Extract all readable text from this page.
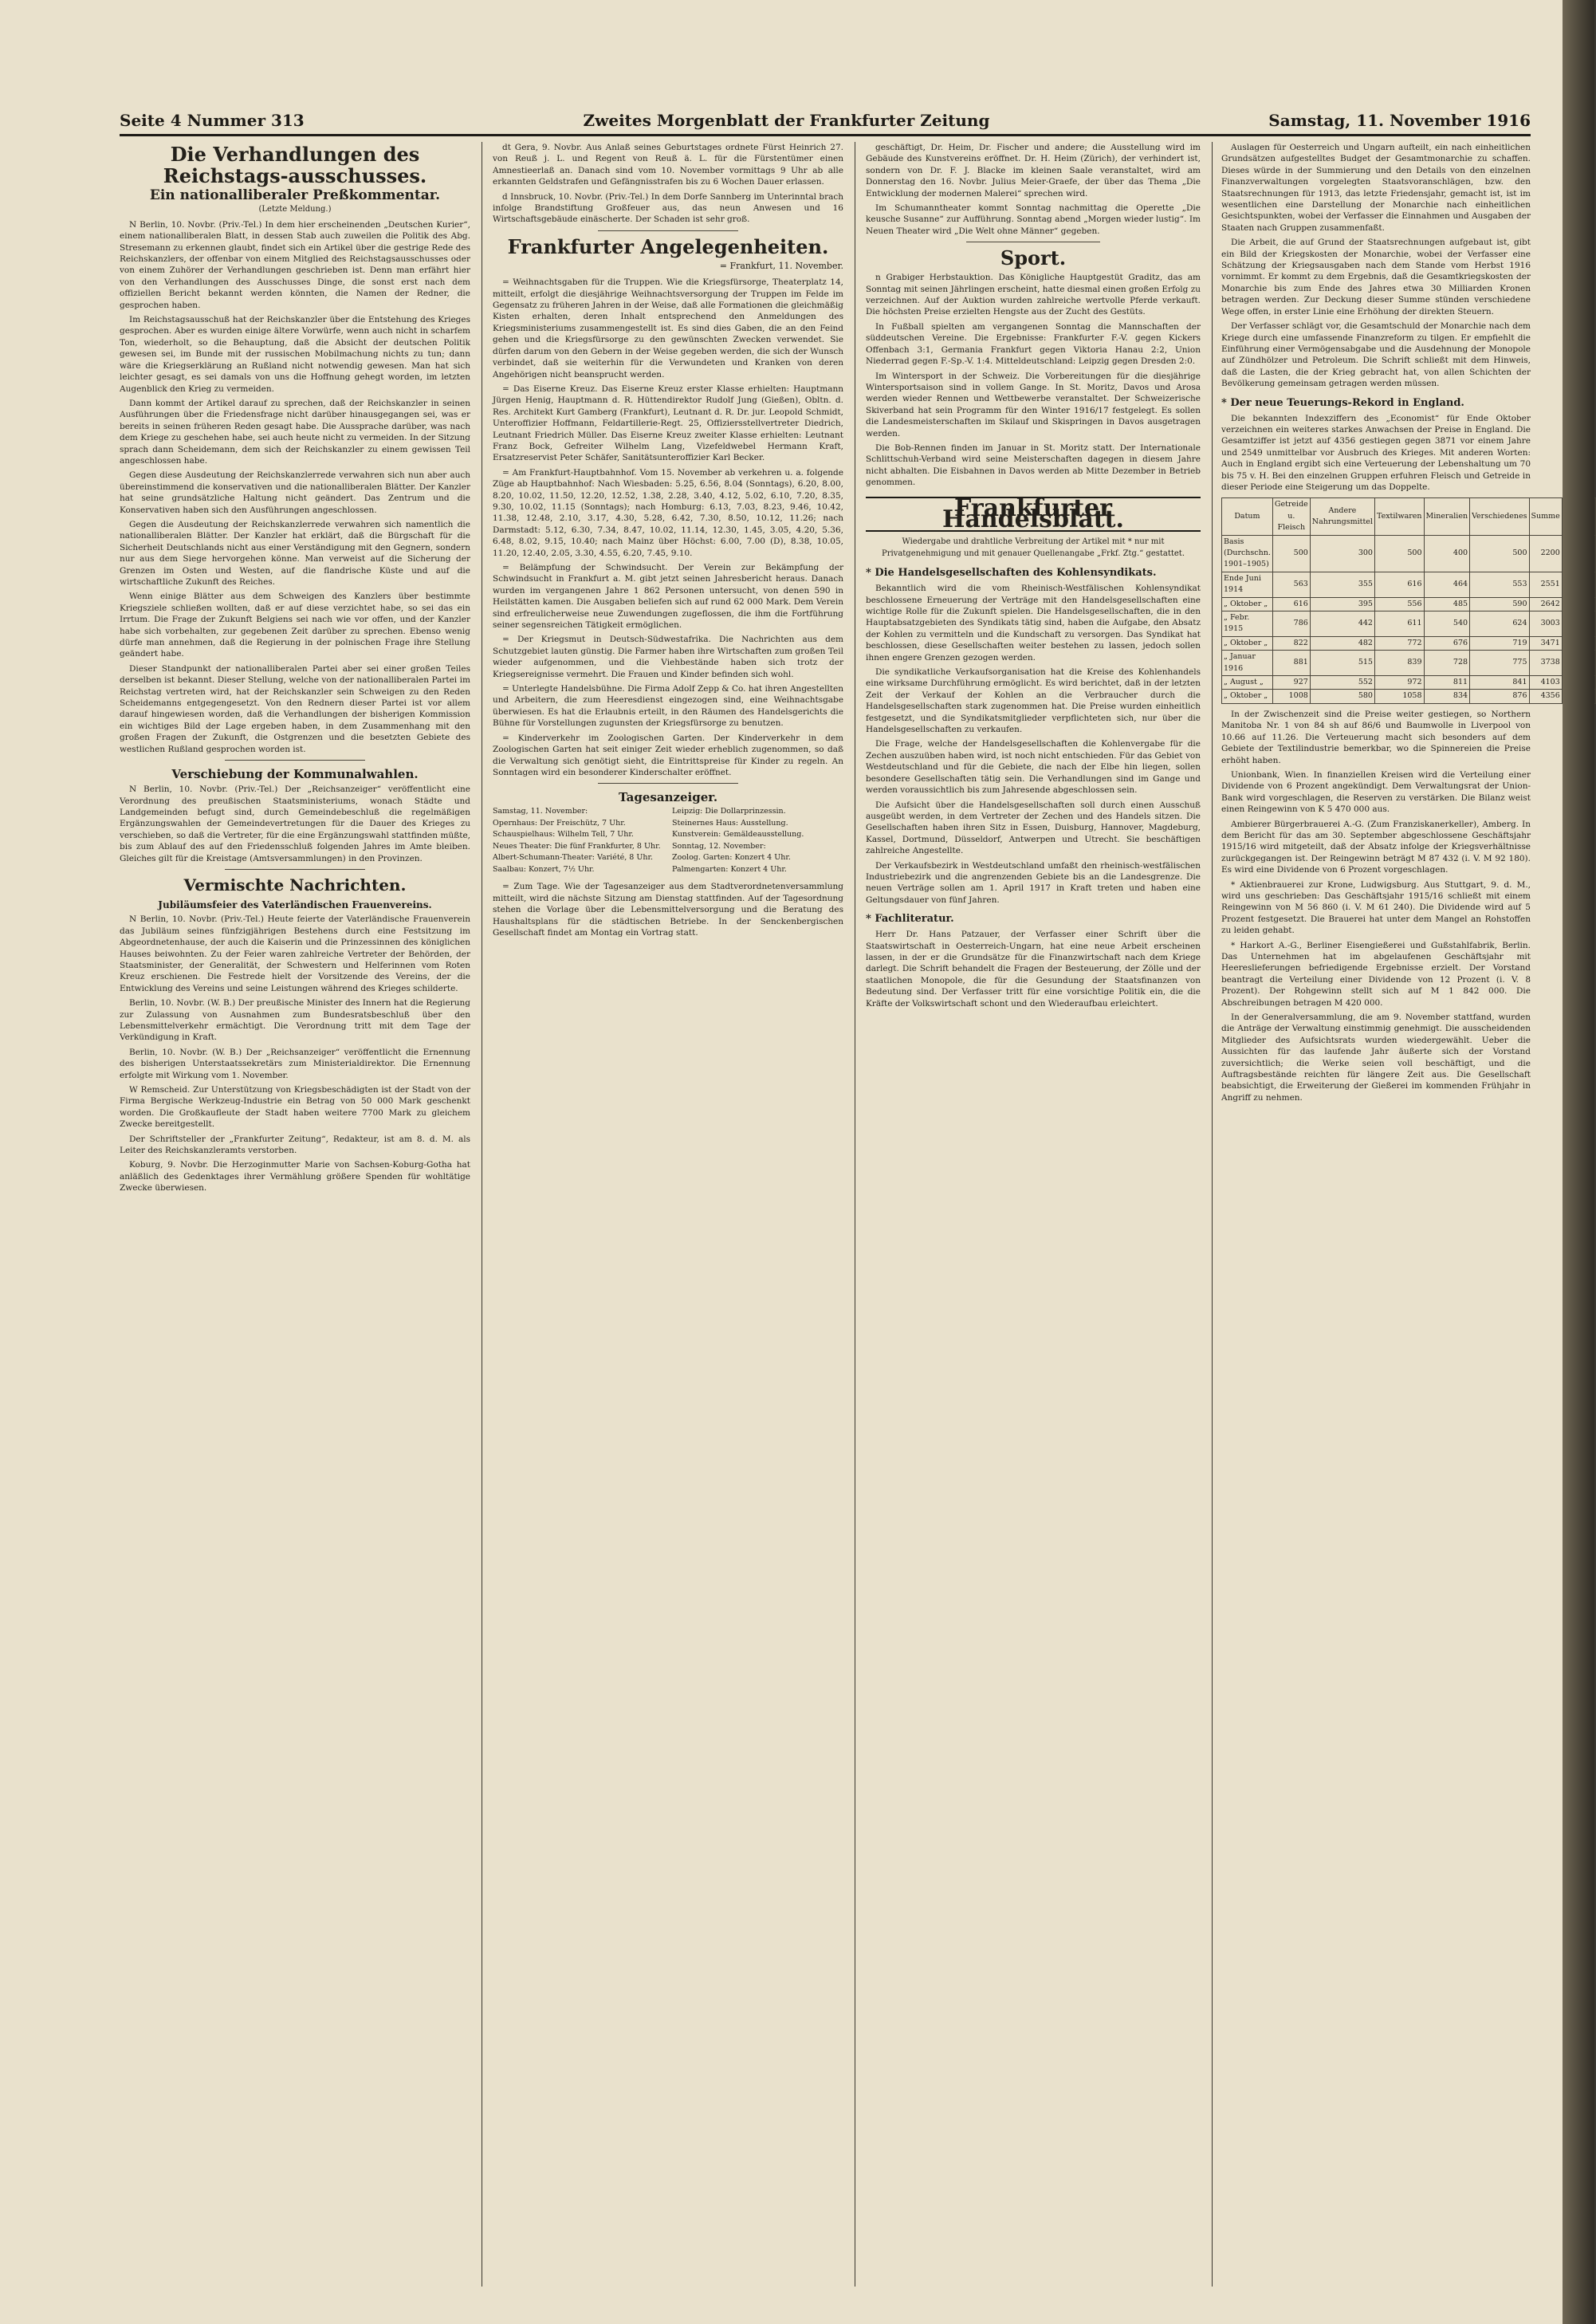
Seite 4 Nummer 313	Zweites Morgenblatt der Frankfurter Zeitung	Samstag, 11. November 1916
Die Verhandlungen des Reichstags-ausschusses.
Ein nationalliberaler Preßkommentar.
(Letzte Meldung.)

N Berlin, 10. Novbr. (Priv.-Tel.) In dem hier erscheinenden „Deutschen Kurier“, einem nationalliberalen Blatt, in dessen Stab auch zuweilen die Politik des Abg. Stresemann zu erkennen glaubt, findet sich ein Artikel über die gestrige Rede des Reichskanzlers, der offenbar von einem Mitglied des Reichstagsausschusses oder von einem Zuhörer der Verhandlungen geschrieben ist. Denn man erfährt hier von den Verhandlungen des Ausschusses Dinge, die sonst erst nach dem offiziellen Bericht bekannt werden könnten, die Namen der Redner, die gesprochen haben.

Im Reichstagsausschuß hat der Reichskanzler über die Entstehung des Krieges gesprochen. Aber es wurden einige ältere Vorwürfe, wenn auch nicht in scharfem Ton, wiederholt, so die Behauptung, daß die Absicht der deutschen Politik gewesen sei, im Bunde mit der russischen Mobilmachung nichts zu tun; dann wäre die Kriegserklärung an Rußland nicht notwendig gewesen. Man hat sich leichter gesagt, es sei damals von uns die Hoffnung gehegt worden, im letzten Augenblick den Krieg zu vermeiden.

Dann kommt der Artikel darauf zu sprechen, daß der Reichskanzler in seinen Ausführungen über die Friedensfrage nicht darüber hinausgegangen sei, was er bereits in seinen früheren Reden gesagt habe. Die Aussprache darüber, was nach dem Kriege zu geschehen habe, sei auch heute nicht zu vermeiden. In der Sitzung sprach dann Scheidemann, dem sich der Reichskanzler zu einem gewissen Teil angeschlossen habe.

Gegen diese Ausdeutung der Reichskanzlerrede verwahren sich nun aber auch übereinstimmend die konservativen und die nationalliberalen Blätter. Der Kanzler hat seine grundsätzliche Haltung nicht geändert. Das Zentrum und die Konservativen haben sich den Ausführungen angeschlossen.

Gegen die Ausdeutung der Reichskanzlerrede verwahren sich namentlich die nationalliberalen Blätter. Der Kanzler hat erklärt, daß die Bürgschaft für die Sicherheit Deutschlands nicht aus einer Verständigung mit den Gegnern, sondern nur aus dem Siege hervorgehen könne. Man verweist auf die Sicherung der Grenzen im Osten und Westen, auf die flandrische Küste und auf die wirtschaftliche Zukunft des Reiches.

Wenn einige Blätter aus dem Schweigen des Kanzlers über bestimmte Kriegsziele schließen wollten, daß er auf diese verzichtet habe, so sei das ein Irrtum. Die Frage der Zukunft Belgiens sei nach wie vor offen, und der Kanzler habe sich vorbehalten, zur gegebenen Zeit darüber zu sprechen. Ebenso wenig dürfe man annehmen, daß die Regierung in der polnischen Frage ihre Stellung geändert habe.

Dieser Standpunkt der nationalliberalen Partei aber sei einer großen Teiles derselben ist bekannt. Dieser Stellung, welche von der nationalliberalen Partei im Reichstag vertreten wird, hat der Reichskanzler sein Schweigen zu den Reden Scheidemanns entgegengesetzt. Von den Rednern dieser Partei ist vor allem darauf hingewiesen worden, daß die Verhandlungen der bisherigen Kommission ein wichtiges Bild der Lage ergeben haben, in dem Zusammenhang mit den großen Fragen der Zukunft, die Ostgrenzen und die besetzten Gebiete des westlichen Rußland gesprochen worden ist.

Verschiebung der Kommunalwahlen.

N Berlin, 10. Novbr. (Priv.-Tel.) Der „Reichsanzeiger“ veröffentlicht eine Verordnung des preußischen Staatsministeriums, wonach Städte und Landgemeinden befugt sind, durch Gemeindebeschluß die regelmäßigen Ergänzungswahlen der Gemeindevertretungen für die Dauer des Krieges zu verschieben, so daß die Vertreter, für die eine Ergänzungswahl stattfinden müßte, bis zum Ablauf des auf den Friedensschluß folgenden Jahres im Amte bleiben. Gleiches gilt für die Kreistage (Amtsversammlungen) in den Provinzen.

Vermischte Nachrichten.
Jubiläumsfeier des Vaterländischen Frauenvereins.

N Berlin, 10. Novbr. (Priv.-Tel.) Heute feierte der Vaterländische Frauenverein das Jubiläum seines fünfzigjährigen Bestehens durch eine Festsitzung im Abgeordnetenhause, der auch die Kaiserin und die Prinzessinnen des königlichen Hauses beiwohnten. Zu der Feier waren zahlreiche Vertreter der Behörden, der Staatsminister, der Generalität, der Schwestern und Helferinnen vom Roten Kreuz erschienen. Die Festrede hielt der Vorsitzende des Vereins, der die Entwicklung des Vereins und seine Leistungen während des Krieges schilderte.

Berlin, 10. Novbr. (W. B.) Der preußische Minister des Innern hat die Regierung zur Zulassung von Ausnahmen zum Bundesratsbeschluß über den Lebensmittelverkehr ermächtigt. Die Verordnung tritt mit dem Tage der Verkündigung in Kraft.

Berlin, 10. Novbr. (W. B.) Der „Reichsanzeiger“ veröffentlicht die Ernennung des bisherigen Unterstaatssekretärs zum Ministerialdirektor. Die Ernennung erfolgte mit Wirkung vom 1. November.

W Remscheid. Zur Unterstützung von Kriegsbeschädigten ist der Stadt von der Firma Bergische Werkzeug-Industrie ein Betrag von 50 000 Mark geschenkt worden. Die Großkaufleute der Stadt haben weitere 7700 Mark zu gleichem Zwecke bereitgestellt.

Der Schriftsteller der „Frankfurter Zeitung“, Redakteur, ist am 8. d. M. als Leiter des Reichskanzleramts verstorben.

Koburg, 9. Novbr. Die Herzoginmutter Marie von Sachsen-Koburg-Gotha hat anläßlich des Gedenktages ihrer Vermählung größere Spenden für wohltätige Zwecke überwiesen.

dt Gera, 9. Novbr. Aus Anlaß seines Geburtstages ordnete Fürst Heinrich 27. von Reuß j. L. und Regent von Reuß ä. L. für die Fürstentümer einen Amnestieerlaß an. Danach sind vom 10. November vormittags 9 Uhr ab alle erkannten Geldstrafen und Gefängnisstrafen bis zu 6 Wochen Dauer erlassen.

d Innsbruck, 10. Novbr. (Priv.-Tel.) In dem Dorfe Sannberg im Unterinntal brach infolge Brandstiftung Großfeuer aus, das neun Anwesen und 16 Wirtschaftsgebäude einäscherte. Der Schaden ist sehr groß.

Frankfurter Angelegenheiten.
= Frankfurt, 11. November.

= Weihnachtsgaben für die Truppen. Wie die Kriegsfürsorge, Theaterplatz 14, mitteilt, erfolgt die diesjährige Weihnachtsversorgung der Truppen im Felde im Gegensatz zu früheren Jahren in der Weise, daß alle Formationen die gleichmäßig Kisten erhalten, deren Inhalt entsprechend den Anmeldungen des Kriegsministeriums zusammengestellt ist. Es sind dies Gaben, die an den Feind gehen und die Kriegsfürsorge zu den gewünschten Zwecken verwendet. Sie dürfen darum von den Gebern in der Weise gegeben werden, die sich der Wunsch verbindet, daß sie weiterhin für die Verwundeten und Kranken von deren Angehörigen nicht beansprucht werden.

= Das Eiserne Kreuz. Das Eiserne Kreuz erster Klasse erhielten: Hauptmann Jürgen Henig, Hauptmann d. R. Hüttendirektor Rudolf Jung (Gießen), Obltn. d. Res. Architekt Kurt Gamberg (Frankfurt), Leutnant d. R. Dr. jur. Leopold Schmidt, Unteroffizier Hoffmann, Feldartillerie-Regt. 25, Offiziersstellvertreter Diedrich, Leutnant Friedrich Müller. Das Eiserne Kreuz zweiter Klasse erhielten: Leutnant Franz Bock, Gefreiter Wilhelm Lang, Vizefeldwebel Hermann Kraft, Ersatzreservist Peter Schäfer, Sanitätsunteroffizier Karl Becker.

= Am Frankfurt-Hauptbahnhof. Vom 15. November ab verkehren u. a. folgende Züge ab Hauptbahnhof: Nach Wiesbaden: 5.25, 6.56, 8.04 (Sonntags), 6.20, 8.00, 8.20, 10.02, 11.50, 12.20, 12.52, 1.38, 2.28, 3.40, 4.12, 5.02, 6.10, 7.20, 8.35, 9.30, 10.02, 11.15 (Sonntags); nach Homburg: 6.13, 7.03, 8.23, 9.46, 10.42, 11.38, 12.48, 2.10, 3.17, 4.30, 5.28, 6.42, 7.30, 8.50, 10.12, 11.26; nach Darmstadt: 5.12, 6.30, 7.34, 8.47, 10.02, 11.14, 12.30, 1.45, 3.05, 4.20, 5.36, 6.48, 8.02, 9.15, 10.40; nach Mainz über Höchst: 6.00, 7.00 (D), 8.38, 10.05, 11.20, 12.40, 2.05, 3.30, 4.55, 6.20, 7.45, 9.10.

= Belämpfung der Schwindsucht. Der Verein zur Bekämpfung der Schwindsucht in Frankfurt a. M. gibt jetzt seinen Jahresbericht heraus. Danach wurden im vergangenen Jahre 1 862 Personen untersucht, von denen 590 in Heilstätten kamen. Die Ausgaben beliefen sich auf rund 62 000 Mark. Dem Verein sind erfreulicherweise neue Zuwendungen zugeflossen, die ihm die Fortführung seiner segensreichen Tätigkeit ermöglichen.

= Der Kriegsmut in Deutsch-Südwestafrika. Die Nachrichten aus dem Schutzgebiet lauten günstig. Die Farmer haben ihre Wirtschaften zum großen Teil wieder aufgenommen, und die Viehbestände haben sich trotz der Kriegsereignisse vermehrt. Die Frauen und Kinder befinden sich wohl.

= Unterlegte Handelsbühne. Die Firma Adolf Zepp & Co. hat ihren Angestellten und Arbeitern, die zum Heeresdienst eingezogen sind, eine Weihnachtsgabe überwiesen. Es hat die Erlaubnis erteilt, in den Räumen des Handelsgerichts die Bühne für Vorstellungen zugunsten der Kriegsfürsorge zu benutzen.

= Kinderverkehr im Zoologischen Garten. Der Kinderverkehr in dem Zoologischen Garten hat seit einiger Zeit wieder erheblich zugenommen, so daß die Verwaltung sich genötigt sieht, die Eintrittspreise für Kinder zu regeln. An Sonntagen wird ein besonderer Kinderschalter eröffnet.

Tagesanzeiger.

Samstag, 11. November:

Opernhaus: Der Freischütz, 7 Uhr.

Schauspielhaus: Wilhelm Tell, 7 Uhr.

Neues Theater: Die fünf Frankfurter, 8 Uhr.

Albert-Schumann-Theater: Variété, 8 Uhr.

Saalbau: Konzert, 7½ Uhr.

Leipzig: Die Dollarprinzessin.

Steinernes Haus: Ausstellung.

Kunstverein: Gemäldeausstellung.

Sonntag, 12. November:

Zoolog. Garten: Konzert 4 Uhr.

Palmengarten: Konzert 4 Uhr.

= Zum Tage. Wie der Tagesanzeiger aus dem Stadtverordnetenversammlung mitteilt, wird die nächste Sitzung am Dienstag stattfinden. Auf der Tagesordnung stehen die Vorlage über die Lebensmittelversorgung und die Beratung des Haushaltsplans für die städtischen Betriebe. In der Senckenbergischen Gesellschaft findet am Montag ein Vortrag statt.

geschäftigt, Dr. Heim, Dr. Fischer und andere; die Ausstellung wird im Gebäude des Kunstvereins eröffnet. Dr. H. Heim (Zürich), der verhindert ist, sondern von Dr. F. J. Blacke im kleinen Saale veranstaltet, wird am Donnerstag den 16. Novbr. Julius Meier-Graefe, der über das Thema „Die Entwicklung der modernen Malerei“ sprechen wird.

Im Schumanntheater kommt Sonntag nachmittag die Operette „Die keusche Susanne“ zur Aufführung. Sonntag abend „Morgen wieder lustig“. Im Neuen Theater wird „Die Welt ohne Männer“ gegeben.

Sport.

n Grabiger Herbstauktion. Das Königliche Hauptgestüt Graditz, das am Sonntag mit seinen Jährlingen erscheint, hatte diesmal einen großen Erfolg zu verzeichnen. Auf der Auktion wurden zahlreiche wertvolle Pferde verkauft. Die höchsten Preise erzielten Hengste aus der Zucht des Gestüts.

In Fußball spielten am vergangenen Sonntag die Mannschaften der süddeutschen Vereine. Die Ergebnisse: Frankfurter F.-V. gegen Kickers Offenbach 3:1, Germania Frankfurt gegen Viktoria Hanau 2:2, Union Niederrad gegen F.-Sp.-V. 1:4. Mitteldeutschland: Leipzig gegen Dresden 2:0.

Im Wintersport in der Schweiz. Die Vorbereitungen für die diesjährige Wintersportsaison sind in vollem Gange. In St. Moritz, Davos und Arosa werden wieder Rennen und Wettbewerbe veranstaltet. Der Schweizerische Skiverband hat sein Programm für den Winter 1916/17 festgelegt. Es sollen die Landesmeisterschaften im Skilauf und Skispringen in Davos ausgetragen werden.

Die Bob-Rennen finden im Januar in St. Moritz statt. Der Internationale Schlittschuh-Verband wird seine Meisterschaften dagegen in diesem Jahre nicht abhalten. Die Eisbahnen in Davos werden ab Mitte Dezember in Betrieb genommen.

Frankfurter Handelsblatt.
Wiedergabe und drahtliche Verbreitung der Artikel mit * nur mit Privatgenehmigung und mit genauer Quellenangabe „Frkf. Ztg.“ gestattet.
* Die Handelsgesellschaften des Kohlensyndikats.

Bekanntlich wird die vom Rheinisch-Westfälischen Kohlensyndikat beschlossene Erneuerung der Verträge mit den Handelsgesellschaften eine wichtige Rolle für die Zukunft spielen. Die Handelsgesellschaften, die in den Hauptabsatzgebieten des Syndikats tätig sind, haben die Aufgabe, den Absatz der Kohlen zu vermitteln und die Kundschaft zu versorgen. Das Syndikat hat beschlossen, diese Gesellschaften weiter bestehen zu lassen, jedoch sollen ihnen engere Grenzen gezogen werden.

Die syndikatliche Verkaufsorganisation hat die Kreise des Kohlenhandels eine wirksame Durchführung ermöglicht. Es wird berichtet, daß in der letzten Zeit der Verkauf der Kohlen an die Verbraucher durch die Handelsgesellschaften stark zugenommen hat. Die Preise wurden einheitlich festgesetzt, und die Syndikatsmitglieder verpflichteten sich, nur über die Handelsgesellschaften zu verkaufen.

Die Frage, welche der Handelsgesellschaften die Kohlenvergabe für die Zechen auszuüben haben wird, ist noch nicht entschieden. Für das Gebiet von Westdeutschland und für die Gebiete, die nach der Elbe hin liegen, sollen besondere Gesellschaften tätig sein. Die Verhandlungen sind im Gange und werden voraussichtlich bis zum Jahresende abgeschlossen sein.

Die Aufsicht über die Handelsgesellschaften soll durch einen Ausschuß ausgeübt werden, in dem Vertreter der Zechen und des Handels sitzen. Die Gesellschaften haben ihren Sitz in Essen, Duisburg, Hannover, Magdeburg, Kassel, Dortmund, Düsseldorf, Antwerpen und Utrecht. Sie beschäftigen zahlreiche Angestellte.

Der Verkaufsbezirk in Westdeutschland umfaßt den rheinisch-westfälischen Industriebezirk und die angrenzenden Gebiete bis an die Landesgrenze. Die neuen Verträge sollen am 1. April 1917 in Kraft treten und haben eine Geltungsdauer von fünf Jahren.

* Fachliteratur.

Herr Dr. Hans Patzauer, der Verfasser einer Schrift über die Staatswirtschaft in Oesterreich-Ungarn, hat eine neue Arbeit erscheinen lassen, in der er die Grundsätze für die Finanzwirtschaft nach dem Kriege darlegt. Die Schrift behandelt die Fragen der Besteuerung, der Zölle und der staatlichen Monopole, die für die Gesundung der Staatsfinanzen von Bedeutung sind. Der Verfasser tritt für eine vorsichtige Politik ein, die die Kräfte der Volkswirtschaft schont und den Wiederaufbau erleichtert.

Auslagen für Oesterreich und Ungarn aufteilt, ein nach einheitlichen Grundsätzen aufgestelltes Budget der Gesamtmonarchie zu schaffen. Dieses würde in der Summierung und den Details von den einzelnen Finanzverwaltungen vorgelegten Staatsvoranschlägen, bzw. den Staatsrechnungen für 1913, das letzte Friedensjahr, gemacht ist, ist im wesentlichen eine Darstellung der Monarchie nach einheitlichen Gesichtspunkten, wobei der Verfasser die Einnahmen und Ausgaben der Staaten nach Gruppen zusammenfaßt.

Die Arbeit, die auf Grund der Staatsrechnungen aufgebaut ist, gibt ein Bild der Kriegskosten der Monarchie, wobei der Verfasser eine Schätzung der Kriegsausgaben nach dem Stande vom Herbst 1916 vornimmt. Er kommt zu dem Ergebnis, daß die Gesamtkriegskosten der Monarchie bis zum Ende des Jahres etwa 30 Milliarden Kronen betragen werden. Zur Deckung dieser Summe stünden verschiedene Wege offen, in erster Linie eine Erhöhung der direkten Steuern.

Der Verfasser schlägt vor, die Gesamtschuld der Monarchie nach dem Kriege durch eine umfassende Finanzreform zu tilgen. Er empfiehlt die Einführung einer Vermögensabgabe und die Ausdehnung der Monopole auf Zündhölzer und Petroleum. Die Schrift schließt mit dem Hinweis, daß die Lasten, die der Krieg gebracht hat, von allen Schichten der Bevölkerung gemeinsam getragen werden müssen.

* Der neue Teuerungs-Rekord in England.

Die bekannten Indexziffern des „Economist“ für Ende Oktober verzeichnen ein weiteres starkes Anwachsen der Preise in England. Die Gesamtziffer ist jetzt auf 4356 gestiegen gegen 3871 vor einem Jahre und 2549 unmittelbar vor Ausbruch des Krieges. Mit anderen Worten: Auch in England ergibt sich eine Verteuerung der Lebenshaltung um 70 bis 75 v. H. Bei den einzelnen Gruppen erfuhren Fleisch und Getreide in dieser Periode eine Steigerung um das Doppelte.

Datum	Getreide u. Fleisch	Andere Nahrungsmittel	Textilwaren	Mineralien	Verschiedenes	Summe	
Basis (Durchschn. 1901–1905)	500	300	500	400	500	2200	
Ende Juni 1914	563	355	616	464	553	2551	
„ Oktober „	616	395	556	485	590	2642	
„ Febr. 1915	786	442	611	540	624	3003	
„ Oktober „	822	482	772	676	719	3471	
„ Januar 1916	881	515	839	728	775	3738	
„ August „	927	552	972	811	841	4103	
„ Oktober „	1008	580	1058	834	876	4356	

In der Zwischenzeit sind die Preise weiter gestiegen, so Northern Manitoba Nr. 1 von 84 sh auf 86/6 und Baumwolle in Liverpool von 10.66 auf 11.26. Die Verteuerung macht sich besonders auf dem Gebiete der Textilindustrie bemerkbar, wo die Spinnereien die Preise erhöht haben.

Unionbank, Wien. In finanziellen Kreisen wird die Verteilung einer Dividende von 6 Prozent angekündigt. Dem Verwaltungsrat der Union-Bank wird vorgeschlagen, die Reserven zu verstärken. Die Bilanz weist einen Reingewinn von K 5 470 000 aus.

Ambierer Bürgerbrauerei A.-G. (Zum Franziskanerkeller), Amberg. In dem Bericht für das am 30. September abgeschlossene Geschäftsjahr 1915/16 wird mitgeteilt, daß der Absatz infolge der Kriegsverhältnisse zurückgegangen ist. Der Reingewinn beträgt M 87 432 (i. V. M 92 180). Es wird eine Dividende von 6 Prozent vorgeschlagen.

* Aktienbrauerei zur Krone, Ludwigsburg. Aus Stuttgart, 9. d. M., wird uns geschrieben: Das Geschäftsjahr 1915/16 schließt mit einem Reingewinn von M 56 860 (i. V. M 61 240). Die Dividende wird auf 5 Prozent festgesetzt. Die Brauerei hat unter dem Mangel an Rohstoffen zu leiden gehabt.

* Harkort A.-G., Berliner Eisengießerei und Gußstahlfabrik, Berlin. Das Unternehmen hat im abgelaufenen Geschäftsjahr mit Heereslieferungen befriedigende Ergebnisse erzielt. Der Vorstand beantragt die Verteilung einer Dividende von 12 Prozent (i. V. 8 Prozent). Der Rohgewinn stellt sich auf M 1 842 000. Die Abschreibungen betragen M 420 000.

In der Generalversammlung, die am 9. November stattfand, wurden die Anträge der Verwaltung einstimmig genehmigt. Die ausscheidenden Mitglieder des Aufsichtsrats wurden wiedergewählt. Ueber die Aussichten für das laufende Jahr äußerte sich der Vorstand zuversichtlich; die Werke seien voll beschäftigt, und die Auftragsbestände reichten für längere Zeit aus. Die Gesellschaft beabsichtigt, die Erweiterung der Gießerei im kommenden Frühjahr in Angriff zu nehmen.
